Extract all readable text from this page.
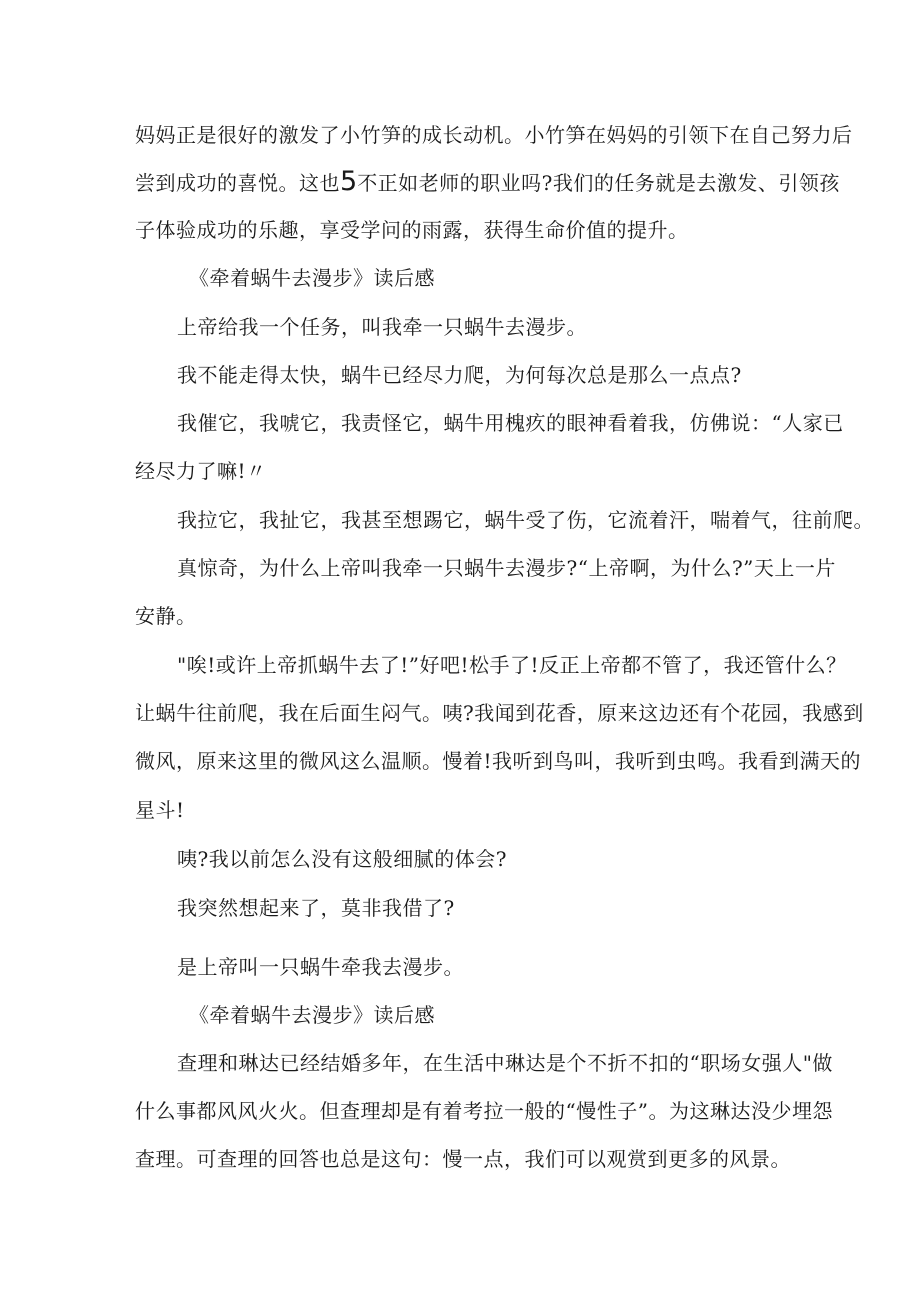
妈妈正是很好的激发了小竹笋的成长动机。小竹笋在妈妈的引领下在自己努力后
尝到成功的喜悦。这也5不正如老师的职业吗?我们的任务就是去激发、引领孩
子体验成功的乐趣，享受学问的雨露，获得生命价值的提升。
《牵着蜗牛去漫步》读后感
上帝给我一个任务，叫我牵一只蜗牛去漫步。
我不能走得太快，蜗牛已经尽力爬，为何每次总是那么一点点?
我催它，我唬它，我责怪它，蜗牛用槐疚的眼神看着我，仿佛说：“人家已
经尽力了嘛!〃
我拉它，我扯它，我甚至想踢它，蜗牛受了伤，它流着汗，喘着气，往前爬。
真惊奇，为什么上帝叫我牵一只蜗牛去漫步?“上帝啊，为什么?”天上一片
安静。
"唉!或许上帝抓蜗牛去了!”好吧!松手了!反正上帝都不管了，我还管什么？
让蜗牛往前爬，我在后面生闷气。咦?我闻到花香，原来这边还有个花园，我感到
微风，原来这里的微风这么温顺。慢着!我听到鸟叫，我听到虫鸣。我看到满天的
星斗!
咦?我以前怎么没有这般细腻的体会?
我突然想起来了，莫非我借了?
是上帝叫一只蜗牛牵我去漫步。
《牵着蜗牛去漫步》读后感
查理和琳达已经结婚多年，在生活中琳达是个不折不扣的“职场女强人"做
什么事都风风火火。但查理却是有着考拉一般的“慢性子”。为这琳达没少埋怨
查理。可查理的回答也总是这句：慢一点，我们可以观赏到更多的风景。
